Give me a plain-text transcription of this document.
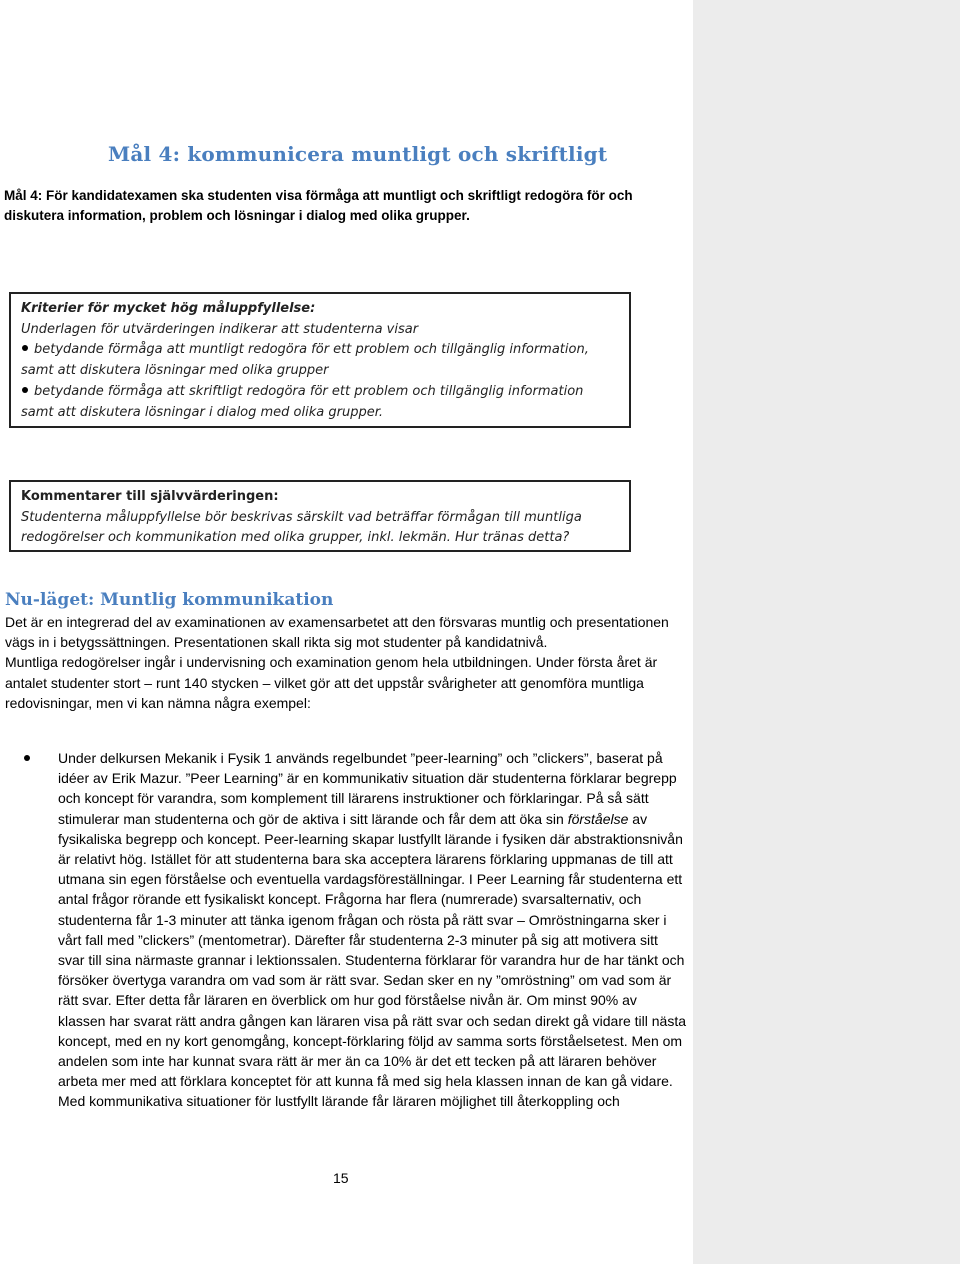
Mål 4: kommunicera muntligt och skriftligt

Mål 4: För kandidatexamen ska studenten visa förmåga att muntligt och skriftligt redogöra för och diskutera information, problem och lösningar i dialog med olika grupper.

Kriterier för mycket hög måluppfyllelse:
Underlagen för utvärderingen indikerar att studenterna visar
betydande förmåga att muntligt redogöra för ett problem och tillgänglig information, samt att diskutera lösningar med olika grupper
betydande förmåga att skriftligt redogöra för ett problem och tillgänglig information samt att diskutera lösningar i dialog med olika grupper.
Kommentarer till självvärderingen:
Studenterna måluppfyllelse bör beskrivas särskilt vad beträffar förmågan till muntliga redogörelser och kommunikation med olika grupper, inkl. lekmän. Hur tränas detta?
Nu-läget: Muntlig kommunikation

Det är en integrerad del av examinationen av examensarbetet att den försvaras muntlig och presentationen vägs in i betygssättningen. Presentationen skall rikta sig mot studenter på kandidatnivå.

Muntliga redogörelser ingår i undervisning och examination genom hela utbildningen. Under första året är antalet studenter stort – runt 140 stycken – vilket gör att det uppstår svårigheter att genomföra muntliga redovisningar, men vi kan nämna några exempel:

Under delkursen Mekanik i Fysik 1 används regelbundet ”peer-learning” och ”clickers”, baserat på idéer av Erik Mazur. ”Peer Learning” är en kommunikativ situation där studenterna förklarar begrepp och koncept för varandra, som komplement till lärarens instruktioner och förklaringar. På så sätt stimulerar man studenterna och gör de aktiva i sitt lärande och får dem att öka sin förståelse av fysikaliska begrepp och koncept. Peer-learning skapar lustfyllt lärande i fysiken där abstraktionsnivån är relativt hög. Istället för att studenterna bara ska acceptera lärarens förklaring uppmanas de till att utmana sin egen förståelse och eventuella vardagsföreställningar. I Peer Learning får studenterna ett antal frågor rörande ett fysikaliskt koncept. Frågorna har flera (numrerade) svarsalternativ, och studenterna får 1-3 minuter att tänka igenom frågan och rösta på rätt svar – Omröstningarna sker i vårt fall med ”clickers” (mentometrar). Därefter får studenterna 2-3 minuter på sig att motivera sitt svar till sina närmaste grannar i lektionssalen. Studenterna förklarar för varandra hur de har tänkt och försöker övertyga varandra om vad som är rätt svar. Sedan sker en ny ”omröstning” om vad som är rätt svar. Efter detta får läraren en överblick om hur god förståelse nivån är. Om minst 90% av klassen har svarat rätt andra gången kan läraren visa på rätt svar och sedan direkt gå vidare till nästa koncept, med en ny kort genomgång, koncept-förklaring följd av samma sorts förståelsetest. Men om andelen som inte har kunnat svara rätt är mer än ca 10% är det ett tecken på att läraren behöver arbeta mer med att förklara konceptet för att kunna få med sig hela klassen innan de kan gå vidare. Med kommunikativa situationer för lustfyllt lärande får läraren möjlighet till återkoppling och
15
